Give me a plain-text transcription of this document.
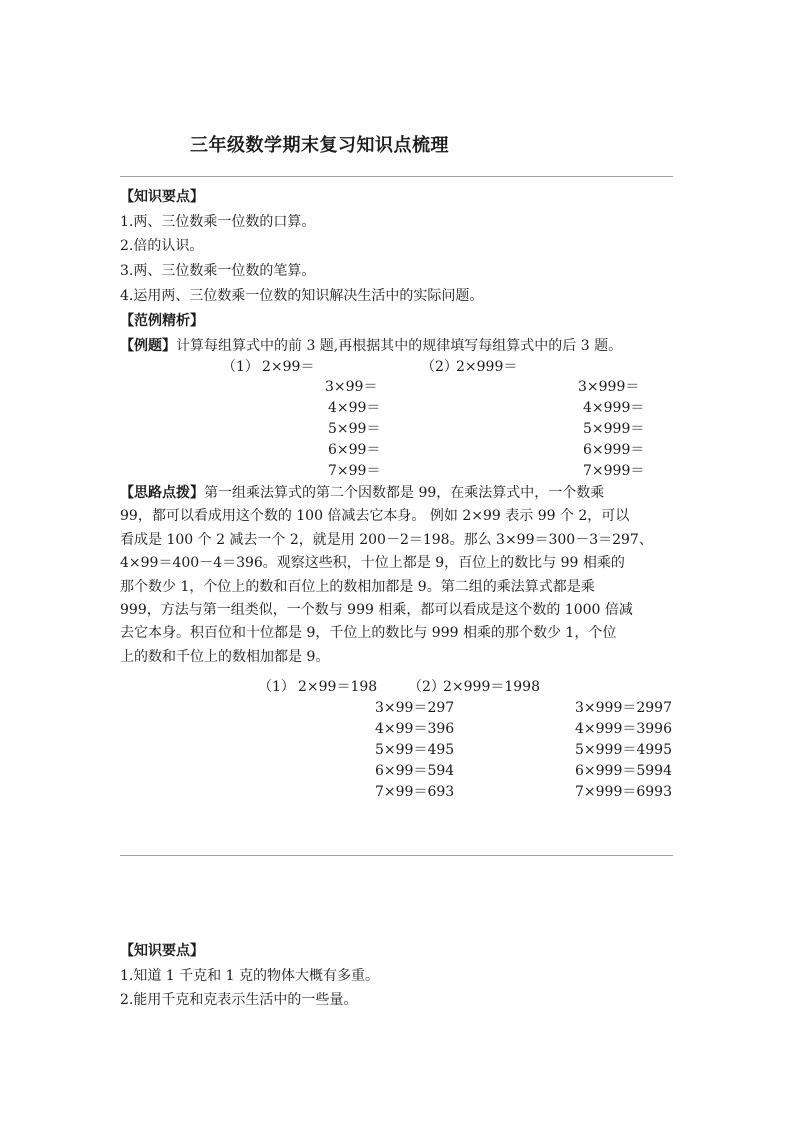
三年级数学期末复习知识点梳理
【知识要点】
1.两、三位数乘一位数的口算。
2.倍的认识。
3.两、三位数乘一位数的笔算。
4.运用两、三位数乘一位数的知识解决生活中的实际问题。
【范例精析】
【例题】计算每组算式中的前 3 题,再根据其中的规律填写每组算式中的后 3 题。
（1） 2×99＝	（2）
2×999＝
3×99＝
4×99＝
5×99＝
6×99＝
7×99＝
3×999＝
4×999＝
5×999＝
6×999＝
7×999＝
【思路点拨】第一组乘法算式的第二个因数都是 99，在乘法算式中，一个数乘
99，都可以看成用这个数的 100 倍减去它本身。 例如 2×99 表示 99 个 2，可以
看成是 100 个 2 减去一个 2，就是用 200－2＝198。那么 3×99＝300－3＝297、
4×99＝400－4＝396。观察这些积，十位上都是 9，百位上的数比与 99 相乘的
那个数少 1，个位上的数和百位上的数相加都是 9。第二组的乘法算式都是乘
999，方法与第一组类似，一个数与 999 相乘，都可以看成是这个数的 1000 倍减
去它本身。积百位和十位都是 9，千位上的数比与 999 相乘的那个数少 1，个位
上的数和千位上的数相加都是 9。
（1） 2×99＝198 （2）
2×999＝1998
3×99＝297
4×99＝396
5×99＝495
6×99＝594
7×99＝693
3×999＝2997
4×999＝3996
5×999＝4995
6×999＝5994
7×999＝6993
【知识要点】
1.知道 1 千克和 1 克的物体大概有多重。
2.能用千克和克表示生活中的一些量。
